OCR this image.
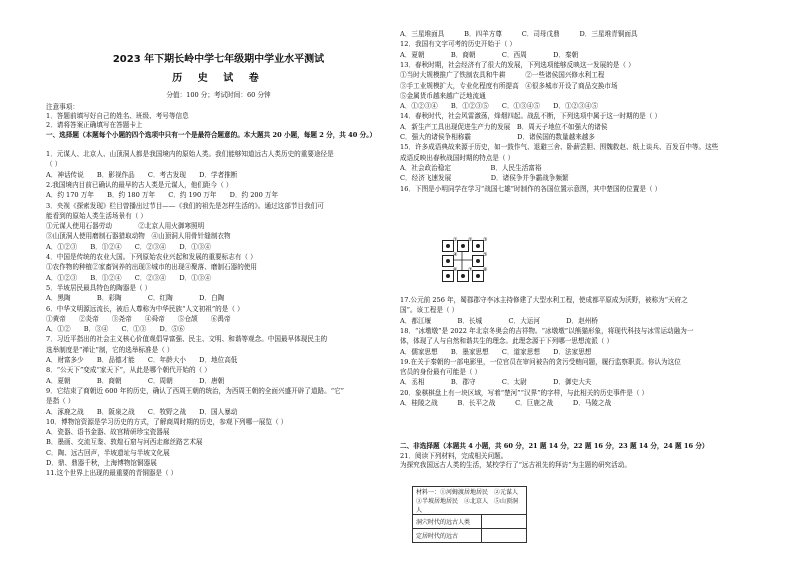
2023 年下期长岭中学七年级期中学业水平测试
历 史 试 卷
分值：100 分；考试时间：60 分钟
注意事项：
1．答题前填写好自己的姓名、班级、考号等信息
2．请将答案正确填写在答题卡上
一、选择题（本题每个小题的四个选项中只有一个是最符合题意的。本大题共 20 小题，每题 2 分，共 40 分。）
1．元谋人、北京人、山顶洞人都是我国境内的原始人类。我们能够知道远古人类历史的重要途径是
（ ）
A．神话传说　　B．影视作品　　C．考古发现　　D．学者推断
2.我国境内目前已确认的最早的古人类是元谋人，他们距今（ ）
A．约 170 万年　　B．约 180 万年　　C．约 190 万年　　D．约 200 万年
3．央视《探索发现》栏目曾播出过节目——《我们的祖先是怎样生活的》。通过这部节目我们可
能看到的原始人类生活场景有（ ）
①元谋人使用石器劳动　　　　②北京人用火御寒照明
③山顶洞人使用磨制石器猎取动物　④山顶洞人用骨针缝制衣物
A．①②③　　B．①②④　　C．②③④　　D．①③④
4．中国是传统的农业大国。下列原始农业兴起和发展的重要标志有（ ）
①农作物的种植②家畜饲养的出现③城市的出现④聚落、磨制石器的使用
A．①②③　　B．①②④　　C．②③④　　D．①③④
5．半坡居民最具特色的陶器是（ ）
A．黑陶　　　　B．彩陶　　　　C．红陶　　　　D．白陶
6．中华文明源远流长，被后人尊称为中华民族“人文初祖”的是（ ）
①黄帝　　②炎帝　　③尧帝　　④舜帝　　⑤仓颉　　⑥禹帝
A．①②　　B．③④　　C．①③　　D．⑤⑥
7．习近平指出的社会主义核心价值观倡导富强、民主、文明、和谐等观念。中国最早体现民主的
选举制度是“禅让”制，它的选举标准是（ ）
A．财富多少　　B．品德才能　　C．年龄大小　　D．地位高低
8．“公天下”变成“家天下”，从此是哪个朝代开始的（ ）
A．夏朝　　　　B．商朝　　　　C．周朝　　　　D．唐朝
9．它结束了商朝近 600 年的历史，确认了西周王朝的统治，为西周王朝的全面兴盛开辟了道路。“它”
是指（ ）
A．涿鹿之战　　B．阪泉之战　　C．牧野之战　　D．国人暴动
10．博物馆资源是学习历史的方式，了解商周时期的历史，参观下列哪一展览（ ）
A．瓷器、语书金器、故宫精研珍宝瓷器展
B．墨画、交流互鉴、敦煌石窟与河西走廊丝路艺术展
C．陶、远古回声，半坡遗址与半坡文化展
D．鼎、鼎器千秋，上海博物馆铜器展
11.这个世界上出现的最重要的青铜器是（ ）
A．三星堆面具　　　B．四羊方尊　　　C．司母戊鼎　　　D．三星堆青铜面具
12．我国有文字可考的历史开始于（ ）
A．夏朝　　　　B．商朝　　　　C．西周　　　　D．秦朝
13．春秋时期，社会经济有了很大的发展，下列选项能够反映这一发展的是（ ）
①当时大规模推广了铁制农具和牛耕　　　②一些诸侯国兴修水利工程
③手工业规模扩大，专业化程度有所提高　④很多城市开设了商品交换市场
⑤金属货币越来越广泛地流通
A．①②③④　　B．①②③⑤　　C．①③④⑤　　D．①②③④⑤
14．春秋时代，社会风雷激荡，烽烟四起。战乱不断，下列选项中属于这一时期的是（ ）
A．新生产工具出现促进生产力的发展　B．周天子地位不如强大的诸侯
C．强大的诸侯争相称霸　　　　　　　D．诸侯国的数量越来越多
15．许多成语典故来源于历史，如一鼓作气、退避三舍、卧薪尝胆、围魏救赵、纸上谈兵、百发百中等。这些
成语反映出春秋战国时期的特点是（ ）
A．社会政治稳定　　　　　　B．人民生活富裕
C．经济飞速发展　　　　　　D．诸侯争并争霸战争频繁
16．下图是小明同学在学习“战国七雄”时制作的各国位置示意图，其中楚国的位置是（ ）
17.公元前 256 年，蜀郡郡守李冰主持修建了大型水利工程，使成都平原成为沃野，被称为“天府之
国”。该工程是（ ）
A．都江堰　　　　B．长城　　　　C．大运河　　　　D．赵州桥
18．“冰墩墩”是 2022 年北京冬奥会的吉祥物。“冰墩墩”以熊猫形象，将现代科技与冰雪运动融为一
体，体现了人与自然和谐共生的理念。此理念源于下列哪一思想流派（ ）
A．儒家思想　　B．墨家思想　　C．道家思想　　D．法家思想
19.在关于秦朝的一部电影里，一位官员在审问被告的贪污受贿问题，履行监察职责。你认为这位
官员的身份最有可能是（ ）
A．丞相　　　　B．郡守　　　　C．太尉　　　　D．御史大夫
20．象棋棋盘上有一块区域，写着“楚河”“汉界”的字样，与此相关的历史事件是（ ）
A．桂陵之战　　　B．长平之战　　　C．巨鹿之战　　　D．马陵之战
① ② ③
④	⑤
⑥ ⑦ ⑧
二、非选择题（本题共 4 小题，共 60 分，21 题 14 分，22 题 16 分，23 题 14 分，24 题 16 分）
21．阅读下列材料，完成相关问题。
为探究我国远古人类的生活，某校学行了“远古祖先的拜访”为主题的研究活动。
材料一：①河姆渡居地居民　②元谋人　③半坡居地居民　④北京人　⑤山顶洞人	
洞穴时代的远古人类	
定居时代的远古	
